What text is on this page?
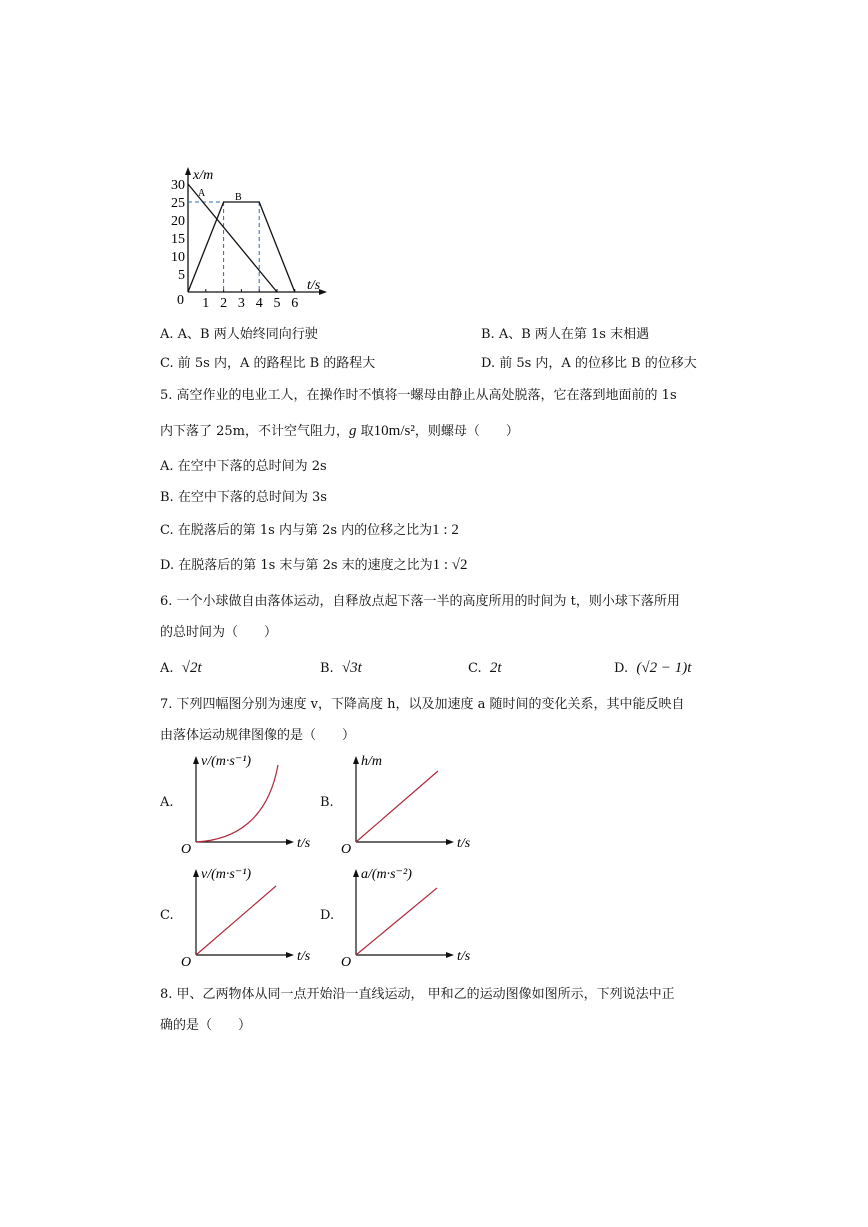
x/m
t/s
0
30
25
20
15
10
5
1 2 3 4 5 6
A	B
A. A、B 两人始终同向行驶	B. A、B 两人在第 1s 末相遇
C. 前 5s 内，A 的路程比 B 的路程大	D. 前 5s 内，A 的位移比 B 的位移大
5. 高空作业的电业工人，在操作时不慎将一螺母由静止从高处脱落，它在落到地面前的 1s
内下落了 25m，不计空气阻力，g 取10m/s²，则螺母（　　）
A. 在空中下落的总时间为 2s
B. 在空中下落的总时间为 3s
C. 在脱落后的第 1s 内与第 2s 内的位移之比为1 : 2
D. 在脱落后的第 1s 末与第 2s 末的速度之比为1 : √2
6. 一个小球做自由落体运动，自释放点起下落一半的高度所用的时间为 t，则小球下落所用
的总时间为（　　）
A. √2t	B. √3t	C. 2t	D. (√2 − 1)t
7. 下列四幅图分别为速度 v，下降高度 h，以及加速度 a 随时间的变化关系，其中能反映自
由落体运动规律图像的是（　　）
A.	B.
C.	D.
v/(m·s⁻¹)
t/s
O
h/m
t/s
O
v/(m·s⁻¹)
t/s
O
a/(m·s⁻²)
t/s
O
8. 甲、乙两物体从同一点开始沿一直线运动， 甲和乙的运动图像如图所示，下列说法中正
确的是（　　）
